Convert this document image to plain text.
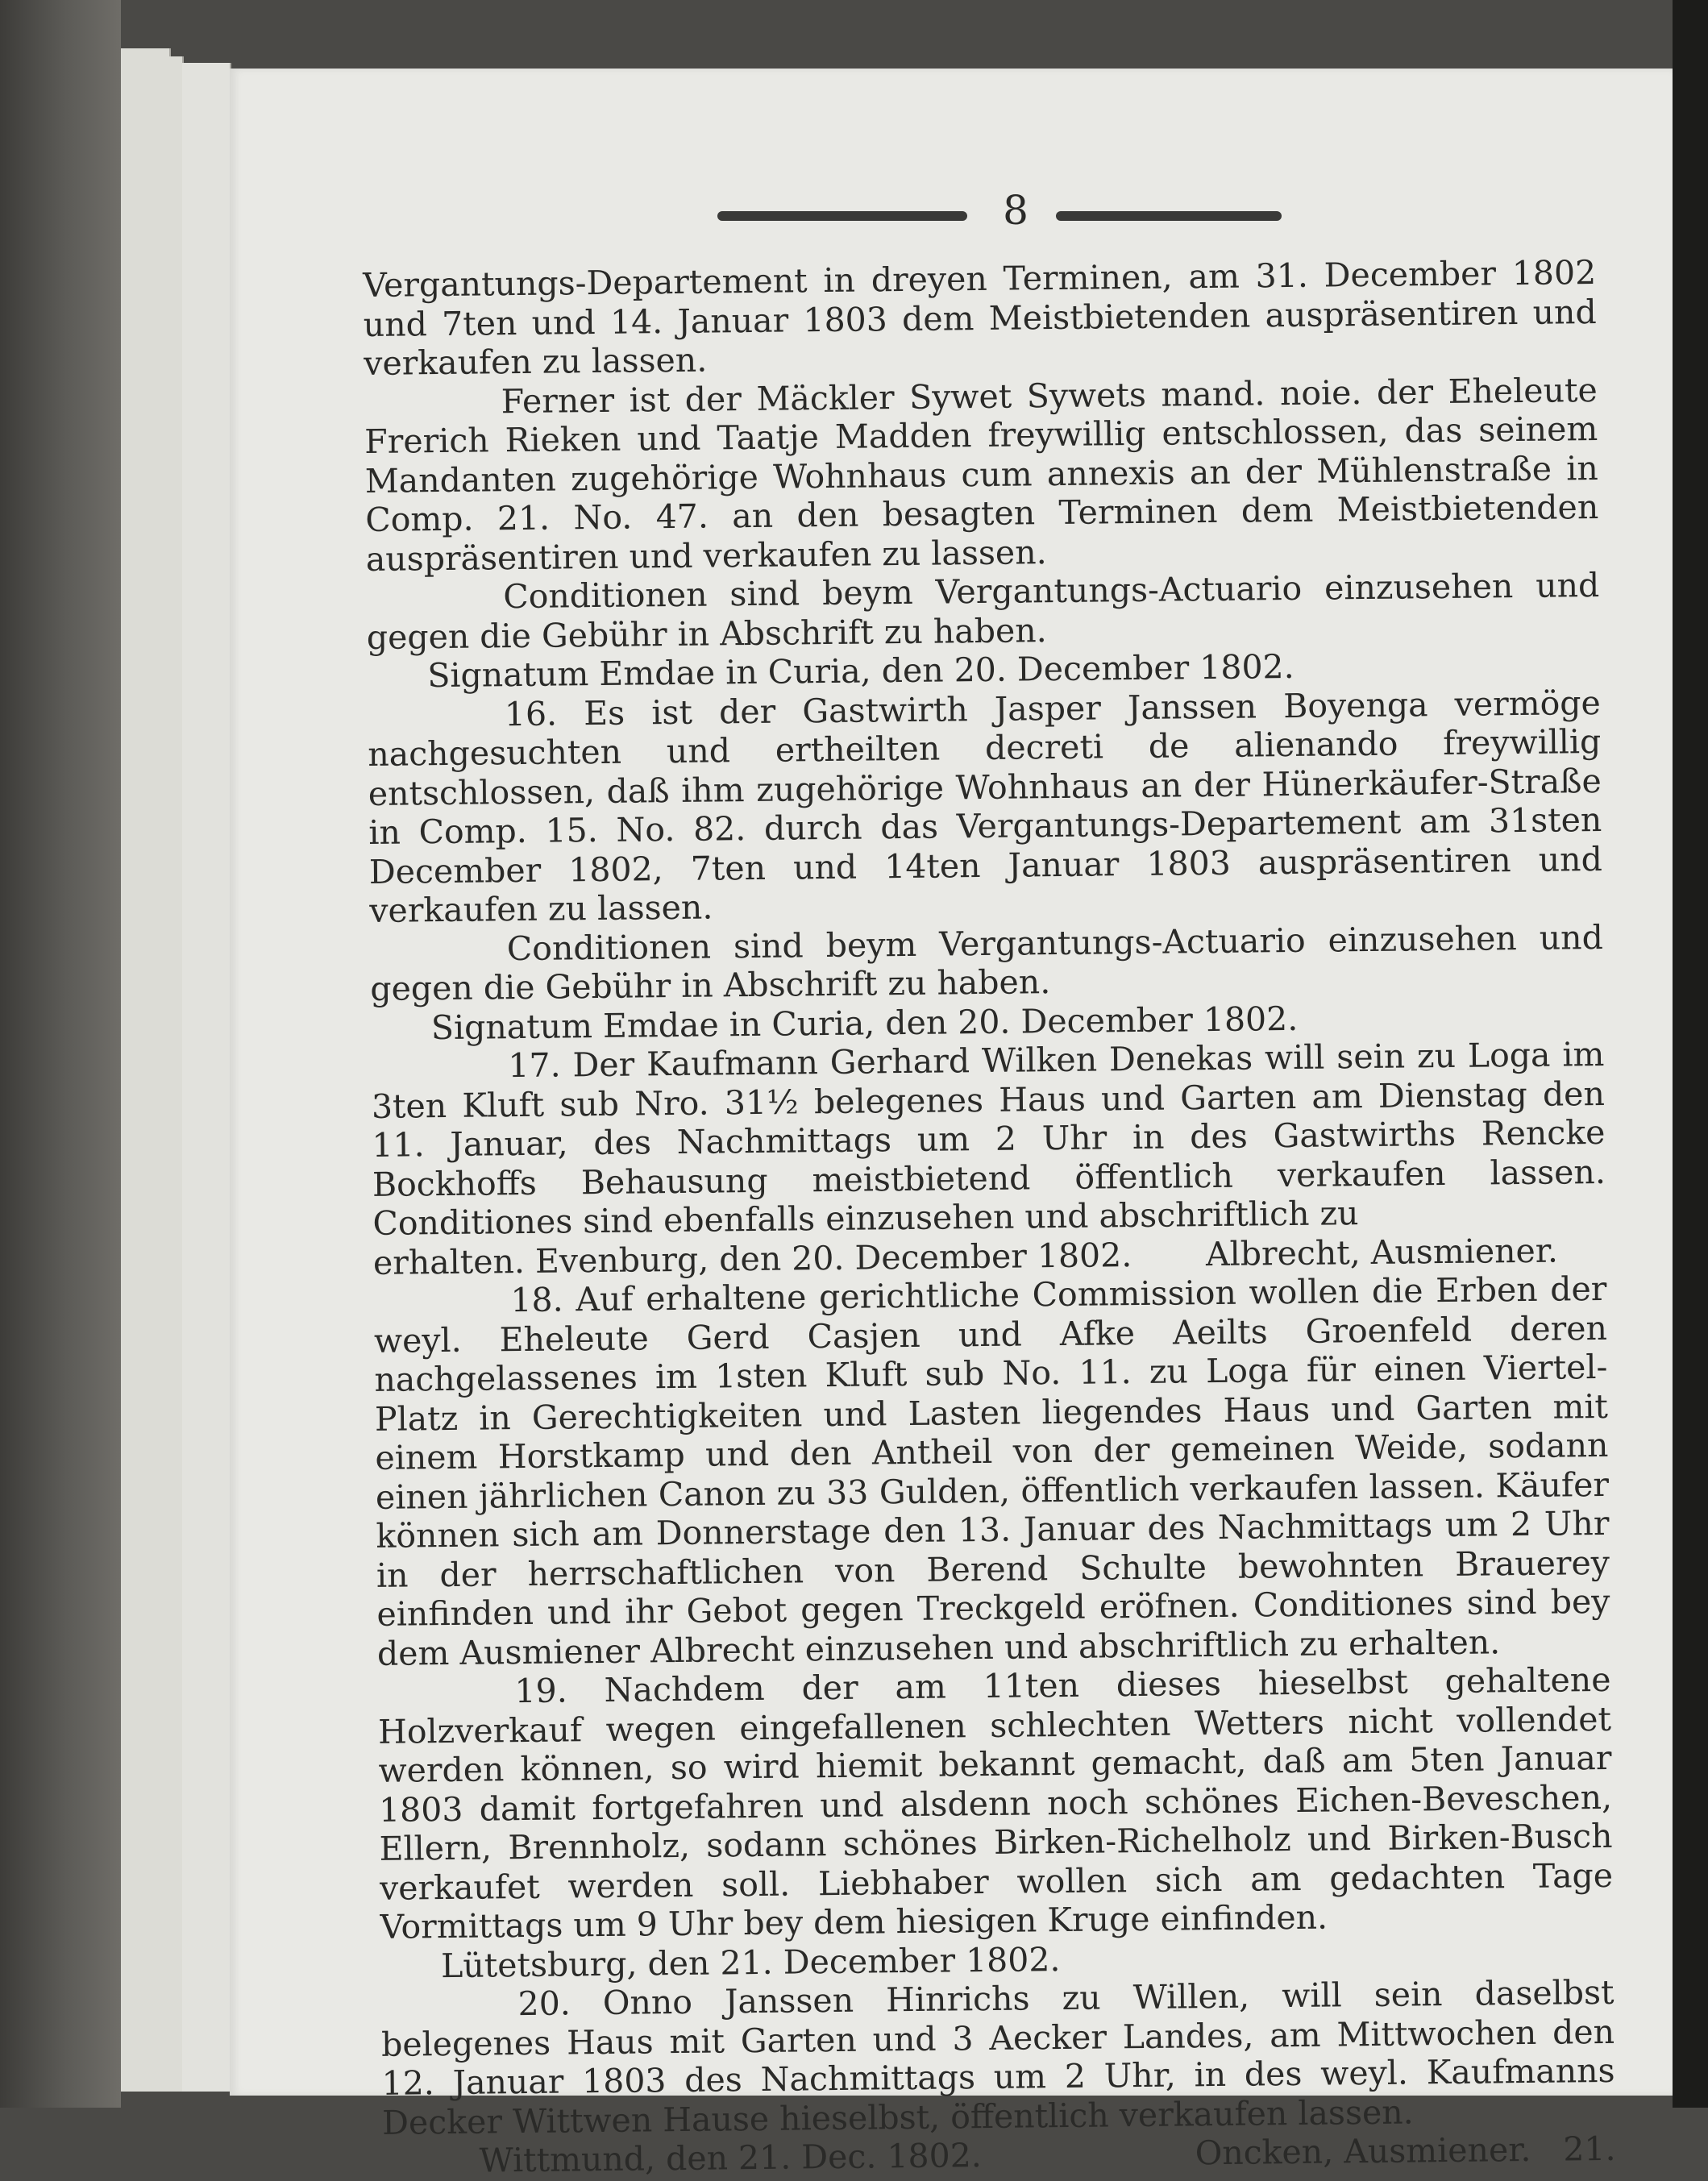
8

Vergantungs-Departement in dreyen Terminen, am 31. December 1802 und 7ten und 14. Januar 1803 dem Meistbietenden auspräsentiren und verkaufen zu lassen.

Ferner ist der Mäckler Sywet Sywets mand. noie. der Eheleute Frerich Rieken und Taatje Madden freywillig entschlossen, das seinem Mandanten zugehörige Wohnhaus cum annexis an der Mühlenstraße in Comp. 21. No. 47. an den besagten Terminen dem Meistbietenden auspräsentiren und verkaufen zu lassen.

Conditionen sind beym Vergantungs-Actuario einzusehen und gegen die Gebühr in Abschrift zu haben.

Signatum Emdae in Curia, den 20. December 1802.

16. Es ist der Gastwirth Jasper Janssen Boyenga vermöge nachgesuchten und ertheilten decreti de alienando freywillig entschlossen, daß ihm zugehörige Wohnhaus an der Hünerkäufer-Straße in Comp. 15. No. 82. durch das Vergantungs-Departement am 31sten December 1802, 7ten und 14ten Januar 1803 auspräsentiren und verkaufen zu lassen.

Conditionen sind beym Vergantungs-Actuario einzusehen und gegen die Gebühr in Abschrift zu haben.

Signatum Emdae in Curia, den 20. December 1802.

17. Der Kaufmann Gerhard Wilken Denekas will sein zu Loga im 3ten Kluft sub Nro. 31½ belegenes Haus und Garten am Dienstag den 11. Januar, des Nachmittags um 2 Uhr in des Gastwirths Rencke Bockhoffs Behausung meistbietend öffentlich verkaufen lassen. Conditiones sind ebenfalls einzusehen und abschriftlich zu

erhalten. Evenburg, den 20. December 1802. Albrecht, Ausmiener.

18. Auf erhaltene gerichtliche Commission wollen die Erben der weyl. Eheleute Gerd Casjen und Afke Aeilts Groenfeld deren nachgelassenes im 1sten Kluft sub No. 11. zu Loga für einen Viertel-Platz in Gerechtigkeiten und Lasten liegendes Haus und Garten mit einem Horstkamp und den Antheil von der gemeinen Weide, sodann einen jährlichen Canon zu 33 Gulden, öffentlich verkaufen lassen. Käufer können sich am Donnerstage den 13. Januar des Nachmittags um 2 Uhr in der herrschaftlichen von Berend Schulte bewohnten Brauerey einfinden und ihr Gebot gegen Treckgeld eröfnen. Conditiones sind bey dem Ausmiener Albrecht einzusehen und abschriftlich zu erhalten.

19. Nachdem der am 11ten dieses hieselbst gehaltene Holzverkauf wegen eingefallenen schlechten Wetters nicht vollendet werden können, so wird hiemit bekannt gemacht, daß am 5ten Januar 1803 damit fortgefahren und alsdenn noch schönes Eichen-Beveschen, Ellern, Brennholz, sodann schönes Birken-Richelholz und Birken-Busch verkaufet werden soll. Liebhaber wollen sich am gedachten Tage Vormittags um 9 Uhr bey dem hiesigen Kruge einfinden.

Lütetsburg, den 21. December 1802.

20. Onno Janssen Hinrichs zu Willen, will sein daselbst belegenes Haus mit Garten und 3 Aecker Landes, am Mittwochen den 12. Januar 1803 des Nachmittags um 2 Uhr, in des weyl. Kaufmanns Decker Wittwen Hause hieselbst, öffentlich verkaufen lassen.

Wittmund, den 21. Dec. 1802.	Oncken, Ausmiener. 21.
